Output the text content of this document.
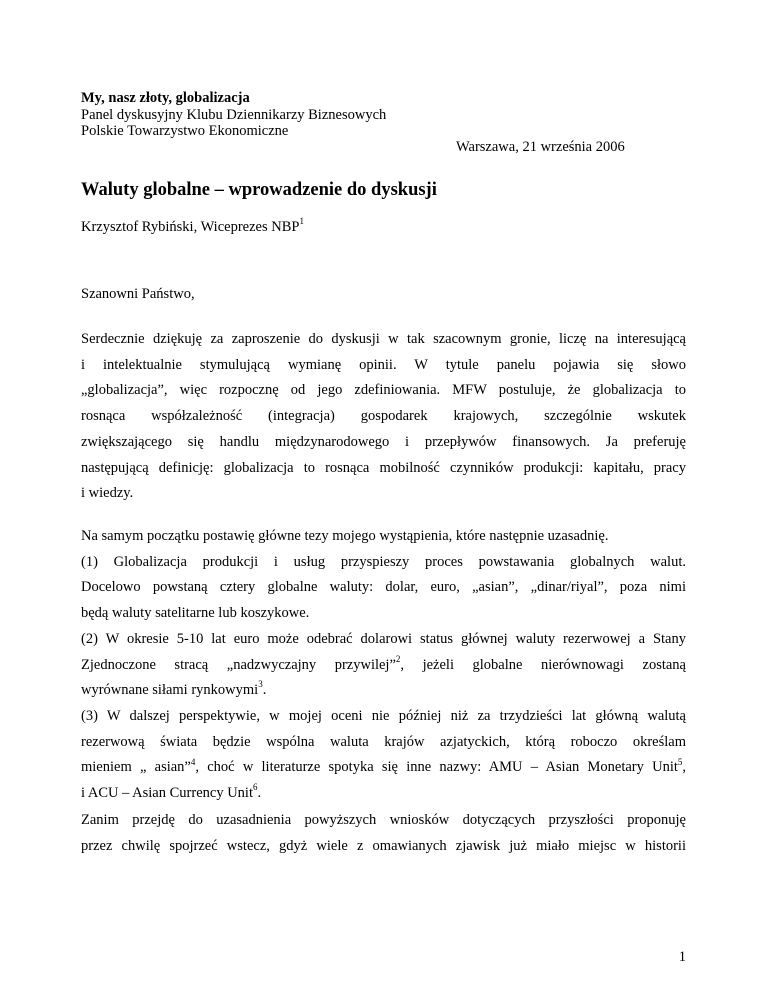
My, nasz złoty, globalizacja
Panel dyskusyjny Klubu Dziennikarzy Biznesowych
Polskie Towarzystwo Ekonomiczne
Warszawa, 21 września 2006
Waluty globalne – wprowadzenie do dyskusji
Krzysztof Rybiński, Wiceprezes NBP$^1$
Szanowni Państwo,
Serdecznie dziękuję za zaproszenie do dyskusji w tak szacownym gronie, liczę na interesującą
i intelektualnie stymulującą wymianę opinii. W tytule panelu pojawia się słowo
„globalizacja”, więc rozpocznę od jego zdefiniowania. MFW postuluje, że globalizacja to
rosnąca współzależność (integracja) gospodarek krajowych, szczególnie wskutek
zwiększającego się handlu międzynarodowego i przepływów finansowych. Ja preferuję
następującą definicję: globalizacja to rosnąca mobilność czynników produkcji: kapitału, pracy
i wiedzy.
Na samym początku postawię główne tezy mojego wystąpienia, które następnie uzasadnię.
(1) Globalizacja produkcji i usług przyspieszy proces powstawania globalnych walut.
Docelowo powstaną cztery globalne waluty: dolar, euro, „asian”, „dinar/riyal”, poza nimi
będą waluty satelitarne lub koszykowe.
(2) W okresie 5-10 lat euro może odebrać dolarowi status głównej waluty rezerwowej a Stany
Zjednoczone stracą „nadzwyczajny przywilej”$^2$, jeżeli globalne nierównowagi zostaną
wyrównane siłami rynkowymi$^3$.
(3) W dalszej perspektywie, w mojej oceni nie później niż za trzydzieści lat główną walutą
rezerwową świata będzie wspólna waluta krajów azjatyckich, którą roboczo określam
mieniem „ asian”$^4$, choć w literaturze spotyka się inne nazwy: AMU – Asian Monetary Unit$^5$,
i ACU – Asian Currency Unit$^6$.
Zanim przejdę do uzasadnienia powyższych wniosków dotyczących przyszłości proponuję
przez chwilę spojrzeć wstecz, gdyż wiele z omawianych zjawisk już miało miejsc w historii
1
